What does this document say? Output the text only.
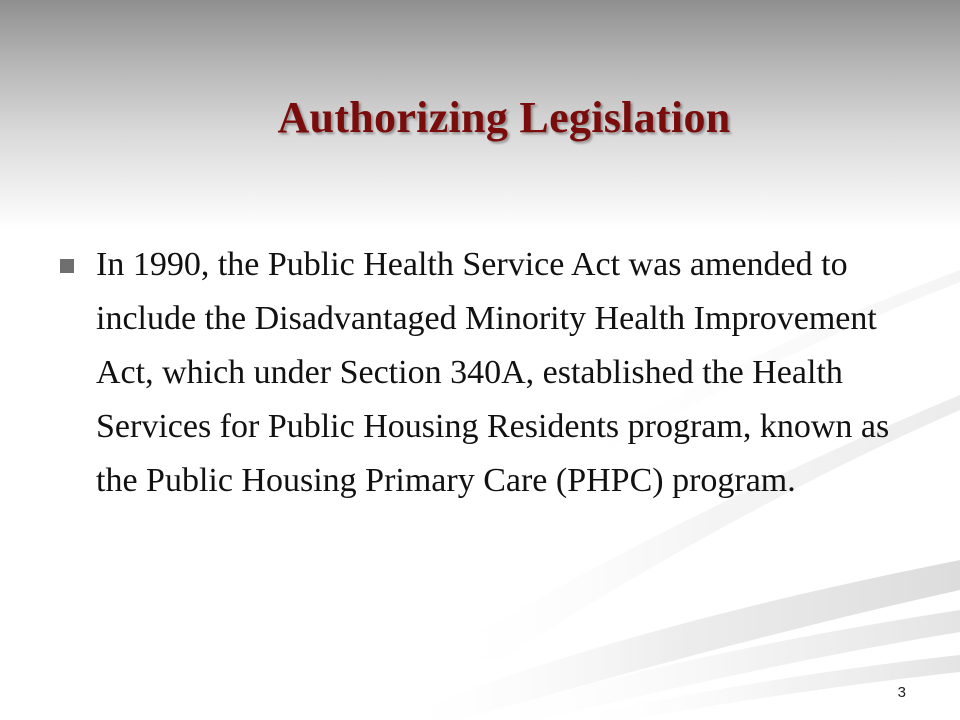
Authorizing Legislation

In 1990, the Public Health Service Act was amended to include the Disadvantaged Minority Health Improvement Act, which under Section 340A, established the Health Services for Public Housing Residents program, known as the Public Housing Primary Care (PHPC) program.

3
